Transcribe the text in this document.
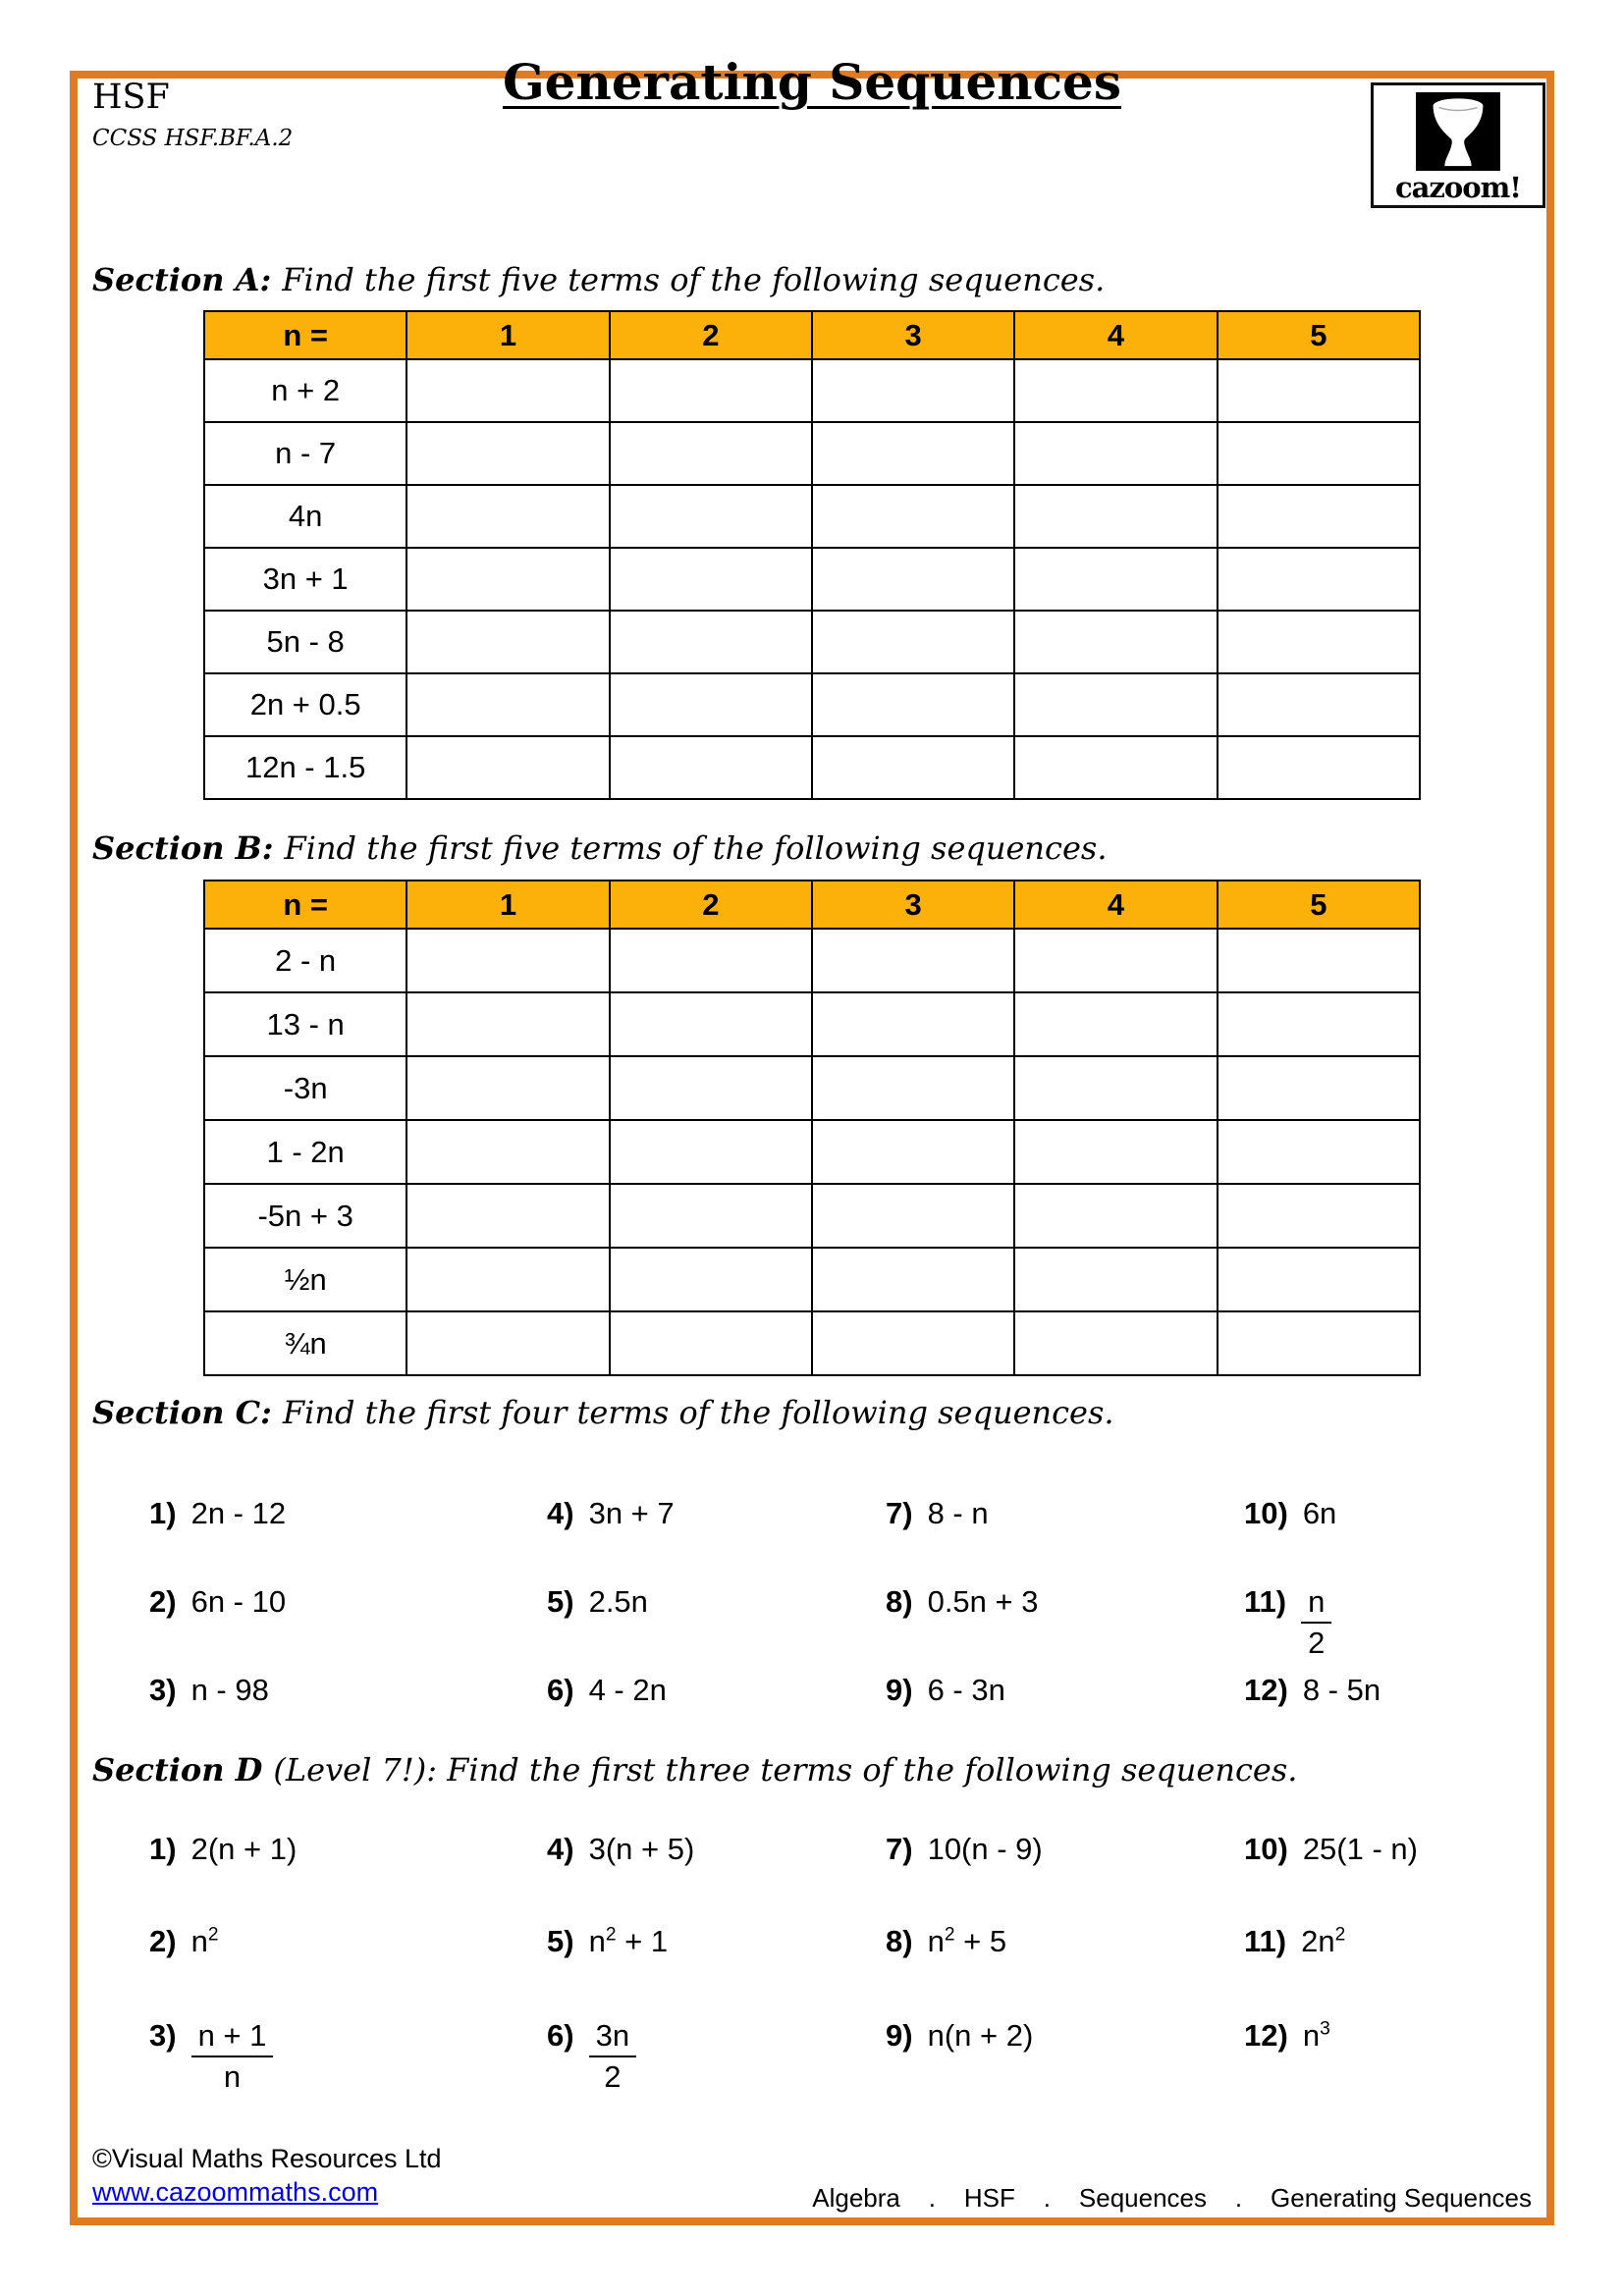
HSF
CCSS HSF.BF.A.2
Generating Sequences
cazoom!
Section A: Find the first five terms of the following sequences.
n =	1	2	3	4	5
n + 2					
n - 7					
4n					
3n + 1					
5n - 8					
2n + 0.5					
12n - 1.5					
Section B: Find the first five terms of the following sequences.
n =	1	2	3	4	5
2 - n					
13 - n					
-3n					
1 - 2n					
-5n + 3					
½n					
¾n					
Section C: Find the first four terms of the following sequences.
1) 2n - 12
2) 6n - 10
3) n - 98
4) 3n + 7
5) 2.5n
6) 4 - 2n
7) 8 - n
8) 0.5n + 3
9) 6 - 3n
10) 6n
$11) \frac{n}{2}$
12) 8 - 5n
Section D (Level 7!): Find the first three terms of the following sequences.
1) 2(n + 1)
2) $n^2$
$3) \frac{n + 1}{n}$
4) 3(n + 5)
5) $n^2 + 1$
$6) \frac{3n}{2}$
7) 10(n - 9)
8) $n^2 + 5$
9) n(n + 2)
10) 25(1 - n)
11) $2n^2$
12) $n^3$
©Visual Maths Resources Ltd
www.cazoommaths.com	Algebra    .    HSF    .    Sequences    .    Generating Sequences
